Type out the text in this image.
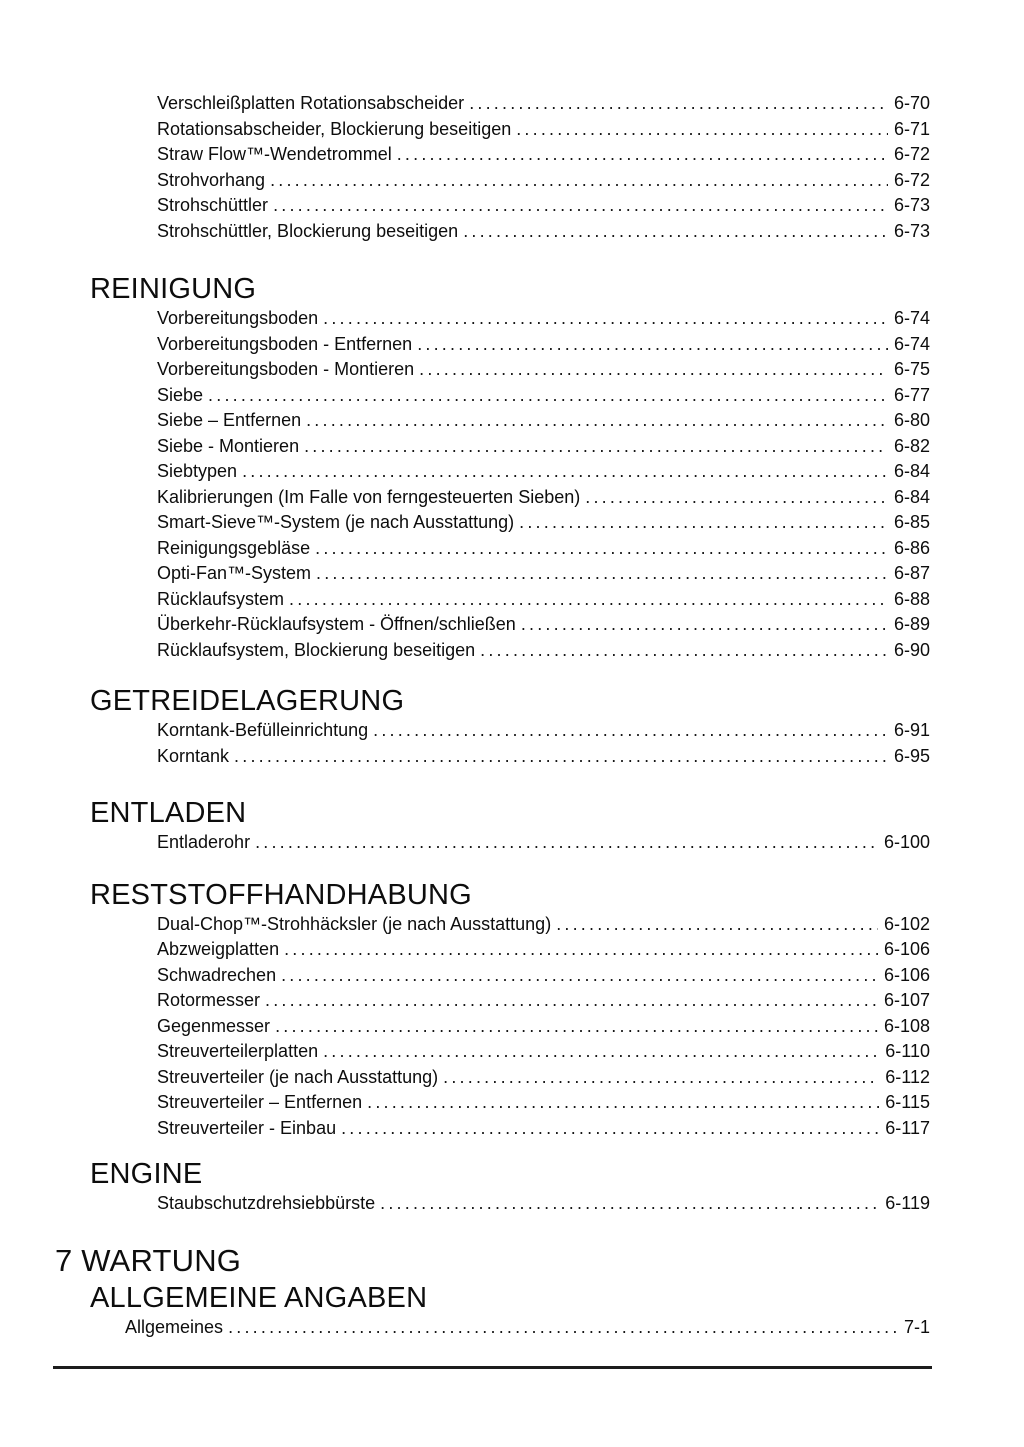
Verschleißplatten Rotationsabscheider .....	6-70
Rotationsabscheider, Blockierung beseitigen .....	6-71
Straw Flow™-Wendetrommel .....	6-72
Strohvorhang .....	6-72
Strohschüttler .....	6-73
Strohschüttler, Blockierung beseitigen .....	6-73
REINIGUNG
Vorbereitungsboden .....	6-74
Vorbereitungsboden - Entfernen .....	6-74
Vorbereitungsboden - Montieren .....	6-75
Siebe .....	6-77
Siebe – Entfernen .....	6-80
Siebe - Montieren .....	6-82
Siebtypen .....	6-84
Kalibrierungen (Im Falle von ferngesteuerten Sieben) .....	6-84
Smart-Sieve™-System (je nach Ausstattung) .....	6-85
Reinigungsgebläse .....	6-86
Opti-Fan™-System .....	6-87
Rücklaufsystem .....	6-88
Überkehr-Rücklaufsystem - Öffnen/schließen .....	6-89
Rücklaufsystem, Blockierung beseitigen .....	6-90
GETREIDELAGERUNG
Korntank-Befülleinrichtung .....	6-91
Korntank .....	6-95
ENTLADEN
Entladerohr .....	6-100
RESTSTOFFHANDHABUNG
Dual-Chop™-Strohhäcksler (je nach Ausstattung) .....	6-102
Abzweigplatten .....	6-106
Schwadrechen .....	6-106
Rotormesser .....	6-107
Gegenmesser .....	6-108
Streuverteilerplatten .....	6-110
Streuverteiler (je nach Ausstattung) .....	6-112
Streuverteiler – Entfernen .....	6-115
Streuverteiler - Einbau .....	6-117
ENGINE
Staubschutzdrehsiebbürste .....	6-119
7 WARTUNG
ALLGEMEINE ANGABEN
Allgemeines .....	7-1
